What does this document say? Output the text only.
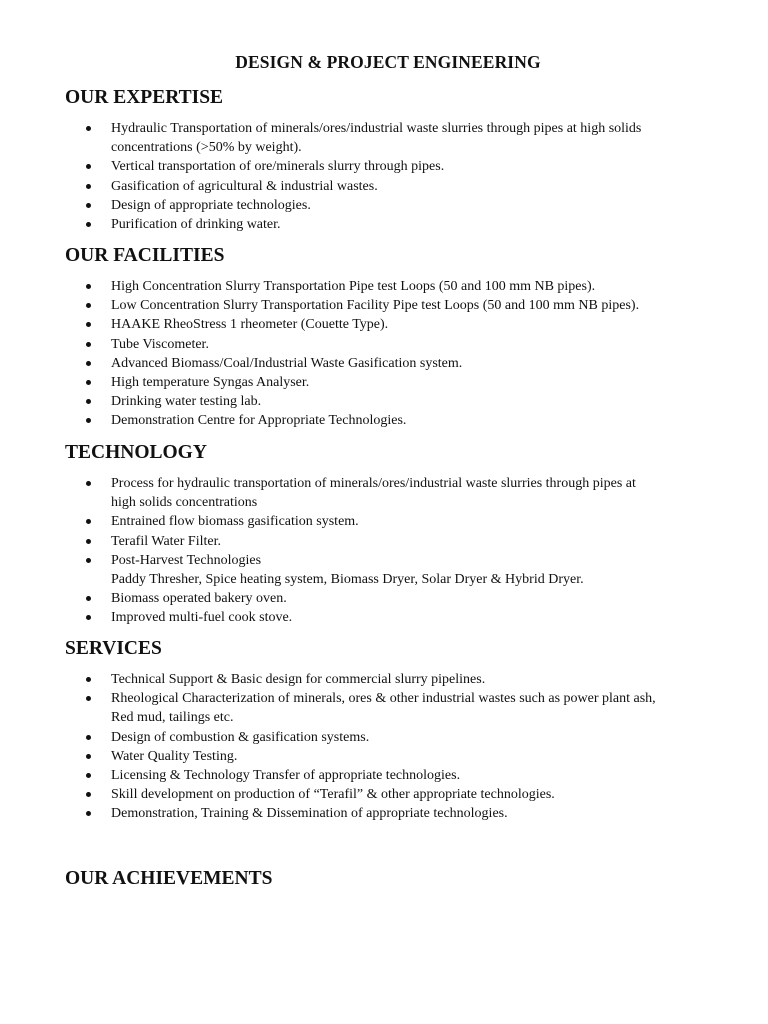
DESIGN & PROJECT ENGINEERING
OUR EXPERTISE
Hydraulic Transportation of minerals/ores/industrial waste slurries through pipes at high solids
concentrations (>50% by weight).
Vertical transportation of ore/minerals slurry through pipes.
Gasification of agricultural & industrial wastes.
Design of appropriate technologies.
Purification of drinking water.
OUR FACILITIES
High Concentration Slurry Transportation Pipe test Loops (50 and 100 mm NB pipes).
Low Concentration Slurry Transportation Facility Pipe test Loops (50 and 100 mm NB pipes).
HAAKE RheoStress 1 rheometer (Couette Type).
Tube Viscometer.
Advanced Biomass/Coal/Industrial Waste Gasification system.
High temperature Syngas Analyser.
Drinking water testing lab.
Demonstration Centre for Appropriate Technologies.
TECHNOLOGY
Process for hydraulic transportation of minerals/ores/industrial waste slurries through pipes at
high solids concentrations
Entrained flow biomass gasification system.
Terafil Water Filter.
Post-Harvest Technologies
Paddy Thresher, Spice heating system, Biomass Dryer, Solar Dryer & Hybrid Dryer.
Biomass operated bakery oven.
Improved multi-fuel cook stove.
SERVICES
Technical Support & Basic design for commercial slurry pipelines.
Rheological Characterization of minerals, ores & other industrial wastes such as power plant ash,
Red mud, tailings etc.
Design of combustion & gasification systems.
Water Quality Testing.
Licensing & Technology Transfer of appropriate technologies.
Skill development on production of “Terafil” & other appropriate technologies.
Demonstration, Training & Dissemination of appropriate technologies.
OUR ACHIEVEMENTS
